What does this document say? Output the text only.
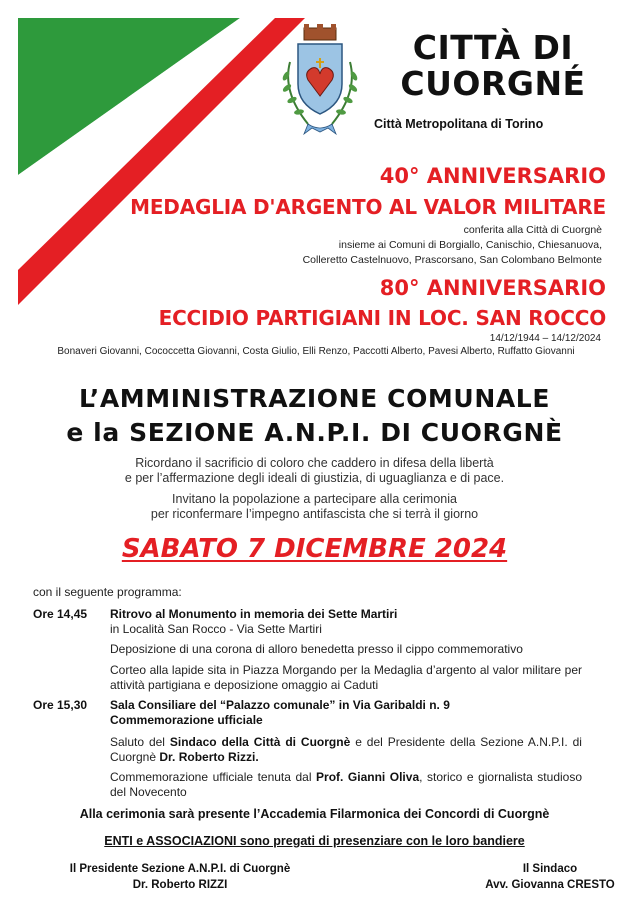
CITTÀ DI
CUORGNÉ
Città Metropolitana di Torino
40° ANNIVERSARIO
MEDAGLIA D'ARGENTO AL VALOR MILITARE
conferita alla Città di Cuorgnè
insieme ai Comuni di Borgiallo, Canischio, Chiesanuova,
Colleretto Castelnuovo, Prascorsano, San Colombano Belmonte
80° ANNIVERSARIO
ECCIDIO PARTIGIANI IN LOC. SAN ROCCO
14/12/1944 – 14/12/2024
Bonaveri Giovanni, Cococcetta Giovanni, Costa Giulio, Elli Renzo, Paccotti Alberto, Pavesi Alberto, Ruffatto Giovanni
L’AMMINISTRAZIONE COMUNALE
e la SEZIONE A.N.P.I. DI CUORGNÈ
Ricordano il sacrificio di coloro che caddero in difesa della libertà
e per l’affermazione degli ideali di giustizia, di uguaglianza e di pace.
Invitano la popolazione a partecipare alla cerimonia
per riconfermare l’impegno antifascista che si terrà il giorno
SABATO 7 DICEMBRE 2024
con il seguente programma:
Ore 14,45 Ritrovo al Monumento in memoria dei Sette Martiri
in Località San Rocco - Via Sette Martiri
Deposizione di una corona di alloro benedetta presso il cippo commemorativo
Corteo alla lapide sita in Piazza Morgando per la Medaglia d’argento al valor militare per attività partigiana e deposizione omaggio ai Caduti
Ore 15,30 Sala Consiliare del “Palazzo comunale” in Via Garibaldi n. 9
Commemorazione ufficiale
Saluto del Sindaco della Città di Cuorgnè e del Presidente della Sezione A.N.P.I. di Cuorgnè Dr. Roberto Rizzi.
Commemorazione ufficiale tenuta dal Prof. Gianni Oliva, storico e giornalista studioso del Novecento
Alla cerimonia sarà presente l’Accademia Filarmonica dei Concordi di Cuorgnè
ENTI e ASSOCIAZIONI sono pregati di presenziare con le loro bandiere
Il Presidente Sezione A.N.P.I. di Cuorgnè
Dr. Roberto RIZZI
Il Sindaco
Avv. Giovanna CRESTO
